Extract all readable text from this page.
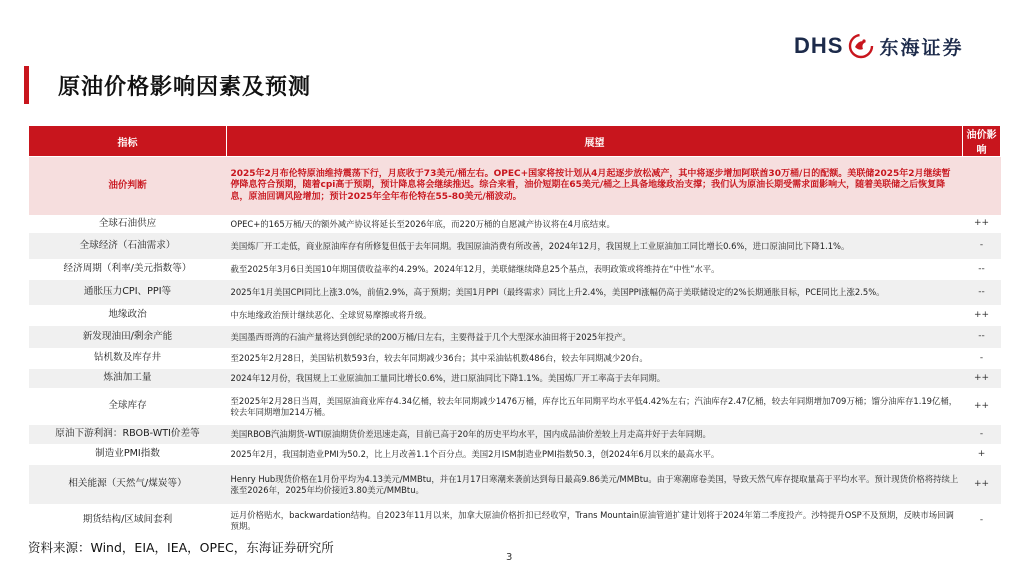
DHS 东海证券
原油价格影响因素及预测
指标	展望	油价影响
油价判断	2025年2月布伦特原油维持震荡下行，月底收于73美元/桶左右。OPEC+国家将按计划从4月起逐步放松减产，其中将逐步增加阿联酋30万桶/日的配额。美联储2025年2月继续暂停降息符合预期，随着cpi高于预期，预计降息将会继续推迟。综合来看，油价短期在65美元/桶之上具备地缘政治支撑；我们认为原油长期受需求面影响大，随着美联储之后恢复降息，原油回调风险增加；预计2025年全年布伦特在55-80美元/桶波动。	
全球石油供应	OPEC+的165万桶/天的额外减产协议将延长至2026年底，而220万桶的自愿减产协议将在4月底结束。	++
全球经济（石油需求）	美国炼厂开工走低，商业原油库存有所修复但低于去年同期。我国原油消费有所改善，2024年12月，我国规上工业原油加工同比增长0.6%，进口原油同比下降1.1%。	-
经济周期（利率/美元指数等）	截至2025年3月6日美国10年期国债收益率约4.29%。2024年12月，美联储继续降息25个基点，表明政策或将维持在“中性”水平。	--
通胀压力CPI、PPI等	2025年1月美国CPI同比上涨3.0%，前值2.9%，高于预期；美国1月PPI（最终需求）同比上升2.4%，美国PPI涨幅仍高于美联储设定的2%长期通胀目标，PCE同比上涨2.5%。	--
地缘政治	中东地缘政治预计继续恶化、全球贸易摩擦或将升级。	++
新发现油田/剩余产能	美国墨西哥湾的石油产量将达到创纪录的200万桶/日左右，主要得益于几个大型深水油田将于2025年投产。	--
钻机数及库存井	至2025年2月28日，美国钻机数593台，较去年同期减少36台；其中采油钻机数486台，较去年同期减少20台。	-
炼油加工量	2024年12月份，我国规上工业原油加工量同比增长0.6%，进口原油同比下降1.1%。美国炼厂开工率高于去年同期。	++
全球库存	至2025年2月28日当周，美国原油商业库存4.34亿桶，较去年同期减少1476万桶，库存比五年同期平均水平低4.42%左右；汽油库存2.47亿桶，较去年同期增加709万桶；馏分油库存1.19亿桶，较去年同期增加214万桶。	++
原油下游利润：RBOB-WTI价差等	美国RBOB汽油期货-WTI原油期货价差迅速走高，目前已高于20年的历史平均水平，国内成品油价差较上月走高并好于去年同期。	-
制造业PMI指数	2025年2月，我国制造业PMI为50.2，比上月改善1.1个百分点。美国2月ISM制造业PMI指数50.3，创2024年6月以来的最高水平。	+
相关能源（天然气/煤炭等）	Henry Hub现货价格在1月份平均为4.13美元/MMBtu，并在1月17日寒潮来袭前达到每日最高9.86美元/MMBtu。由于寒潮席卷美国，导致天然气库存提取量高于平均水平。预计现货价格将持续上涨至2026年，2025年均价接近3.80美元/MMBtu。	++
期货结构/区域间套利	远月价格贴水，backwardation结构。自2023年11月以来，加拿大原油价格折扣已经收窄，Trans Mountain原油管道扩建计划将于2024年第二季度投产。沙特提升OSP不及预期，反映市场回调预期。	-
资料来源：Wind，EIA，IEA，OPEC，东海证券研究所
3
